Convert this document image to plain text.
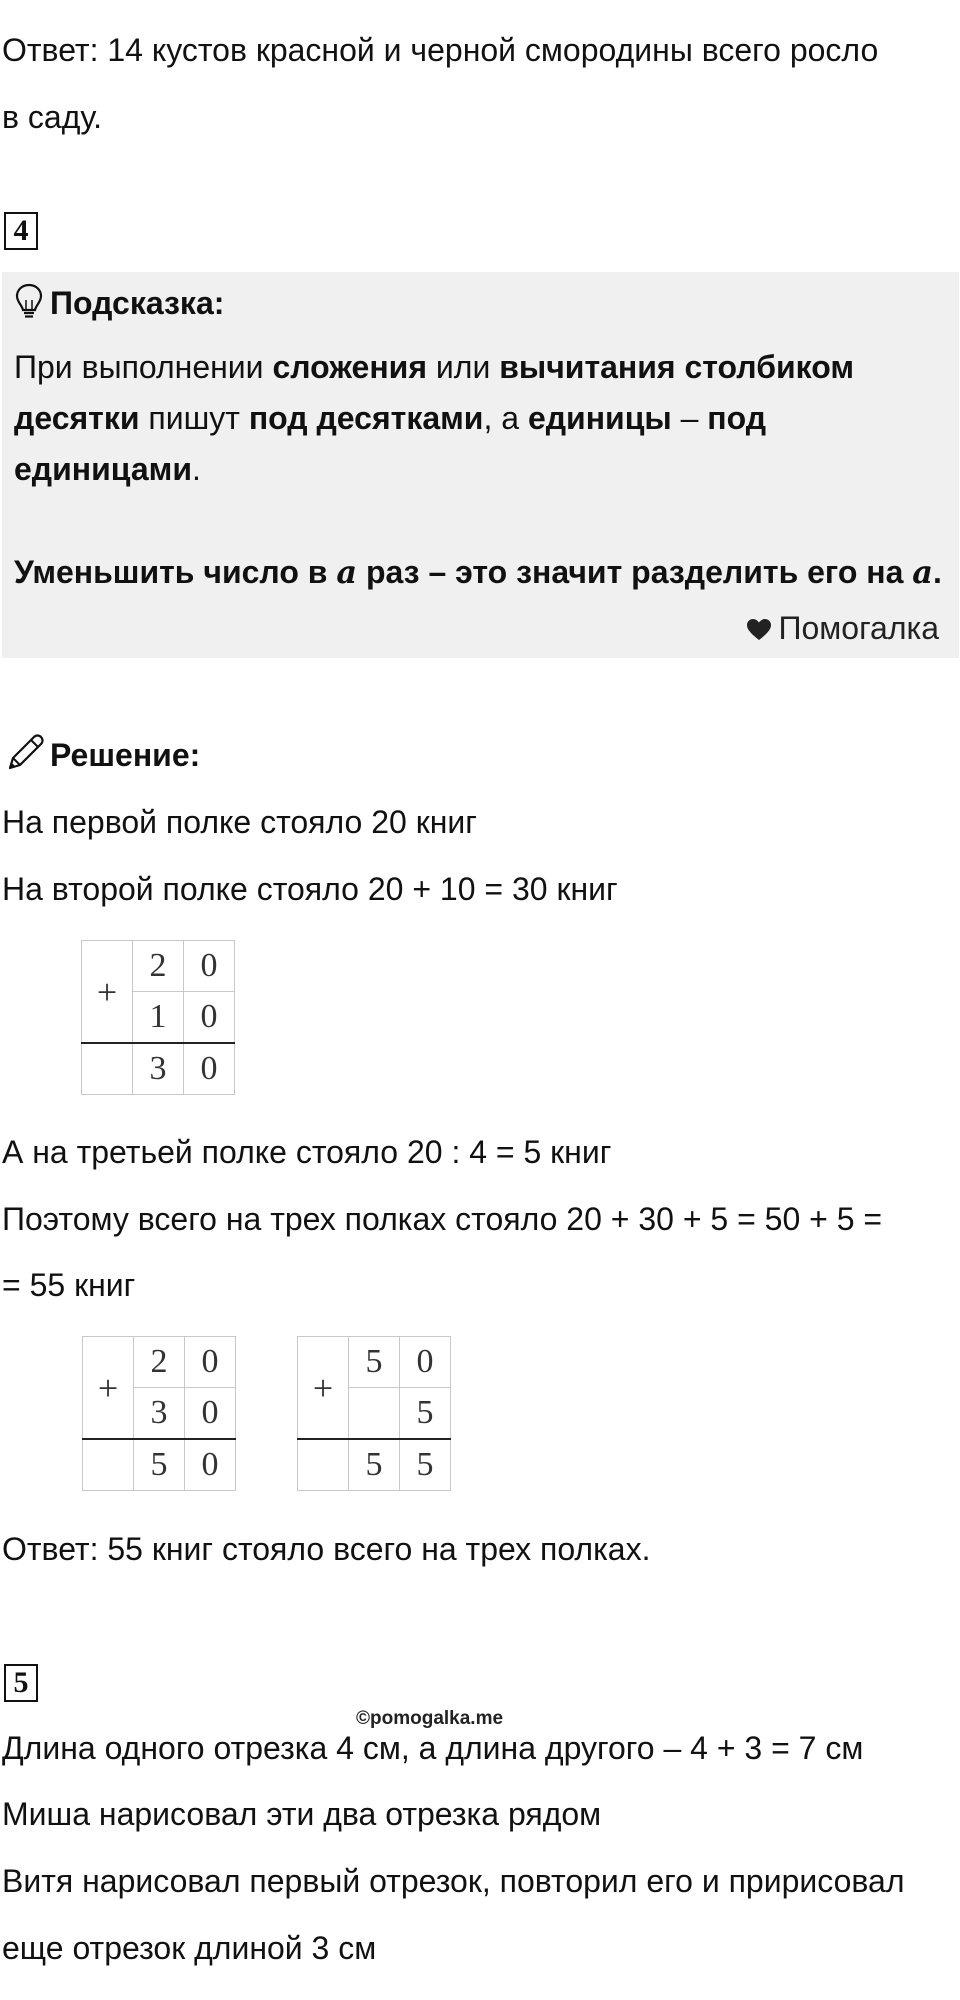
Ответ: 14 кустов красной и черной смородины всего росло
в саду.
4
Подсказка:
При выполнении сложения или вычитания столбиком
десятки пишут под десятками, а единицы – под
единицами.
Уменьшить число в a раз – это значит разделить его на a.
Помогалка
Решение:
На первой полке стояло 20 книг
На второй полке стояло 20 + 10 = 30 книг
+	2	0
	1	0
	3	0
А на третьей полке стояло 20 : 4 = 5 книг
Поэтому всего на трех полках стояло 20 + 30 + 5 = 50 + 5 =
= 55 книг
+	2	0
	3	0
	5	0
+	5	0
		5
	5	5
Ответ: 55 книг стояло всего на трех полках.
5
©pomogalka.me
Длина одного отрезка 4 см, а длина другого – 4 + 3 = 7 см
Миша нарисовал эти два отрезка рядом
Витя нарисовал первый отрезок, повторил его и пририсовал
еще отрезок длиной 3 см
